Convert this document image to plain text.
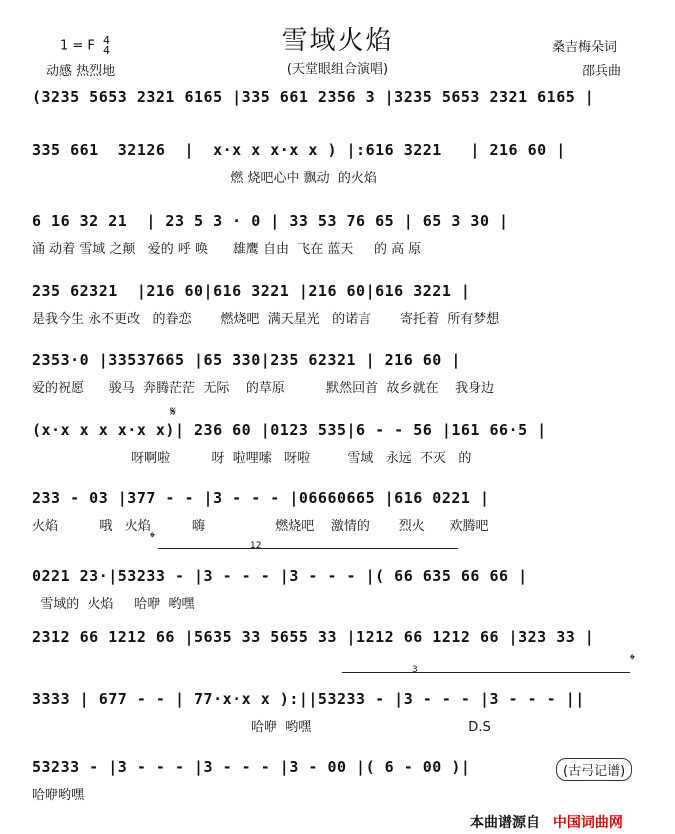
1 = F 4
4
动感 热烈地
雪域火焰
(天堂眼组合演唱)
桑吉梅朵词
邵兵曲
(3235 5653 2321 6165 |335 661 2356 3 |3235 5653 2321 6165 |
335 661  32126  |  x·x x x·x x ) |:616 3221   | 216 60 |
燃 烧吧心中 飘动  的火焰
6 16 32 21  | 23 5 3 · 0 | 33 53 76 65 | 65 3 30 |
涌 动着 雪域 之颠   爱的 呼 唤      雄鹰 自由  飞在 蓝天     的 高 原
235 62321  |216 60|616 3221 |216 60|616 3221 |
是我今生 永不更改   的眷恋       燃烧吧  满天星光   的诺言       寄托着  所有梦想
2353·0 |33537665 |65 330|235 62321 | 216 60 |
爱的祝愿      骏马  奔腾茫茫  无际    的草原          默然回首  故乡就在    我身边
𝄋
(x·x x x x·x x)| 236 60 |0123 535|6 - - 56 |161 66·5 |
呀啊啦          呀  啦哩嗦   呀啦         雪域   永远  不灭   的
233 - 03 |377 - - |3 - - - |06660665 |616 0221 |
火焰          哦   火焰          嗨                 燃烧吧    激情的       烈火      欢腾吧
𝄌	12
0221 23·|53233 - |3 - - - |3 - - - |( 66 635 66 66 |
雪域的  火焰     哈咿  哟嘿
2312 66 1212 66 |5635 33 5655 33 |1212 66 1212 66 |323 33 |
3
𝄌
3333 | 677 - - | 77·x·x x ):||53233 - |3 - - - |3 - - - ||
哈咿  哟嘿                                      D.S
53233 - |3 - - - |3 - - - |3 - 00 |( 6 - 00 )|
哈咿哟嘿
(古弓记谱)
本曲谱源自 中国词曲网
